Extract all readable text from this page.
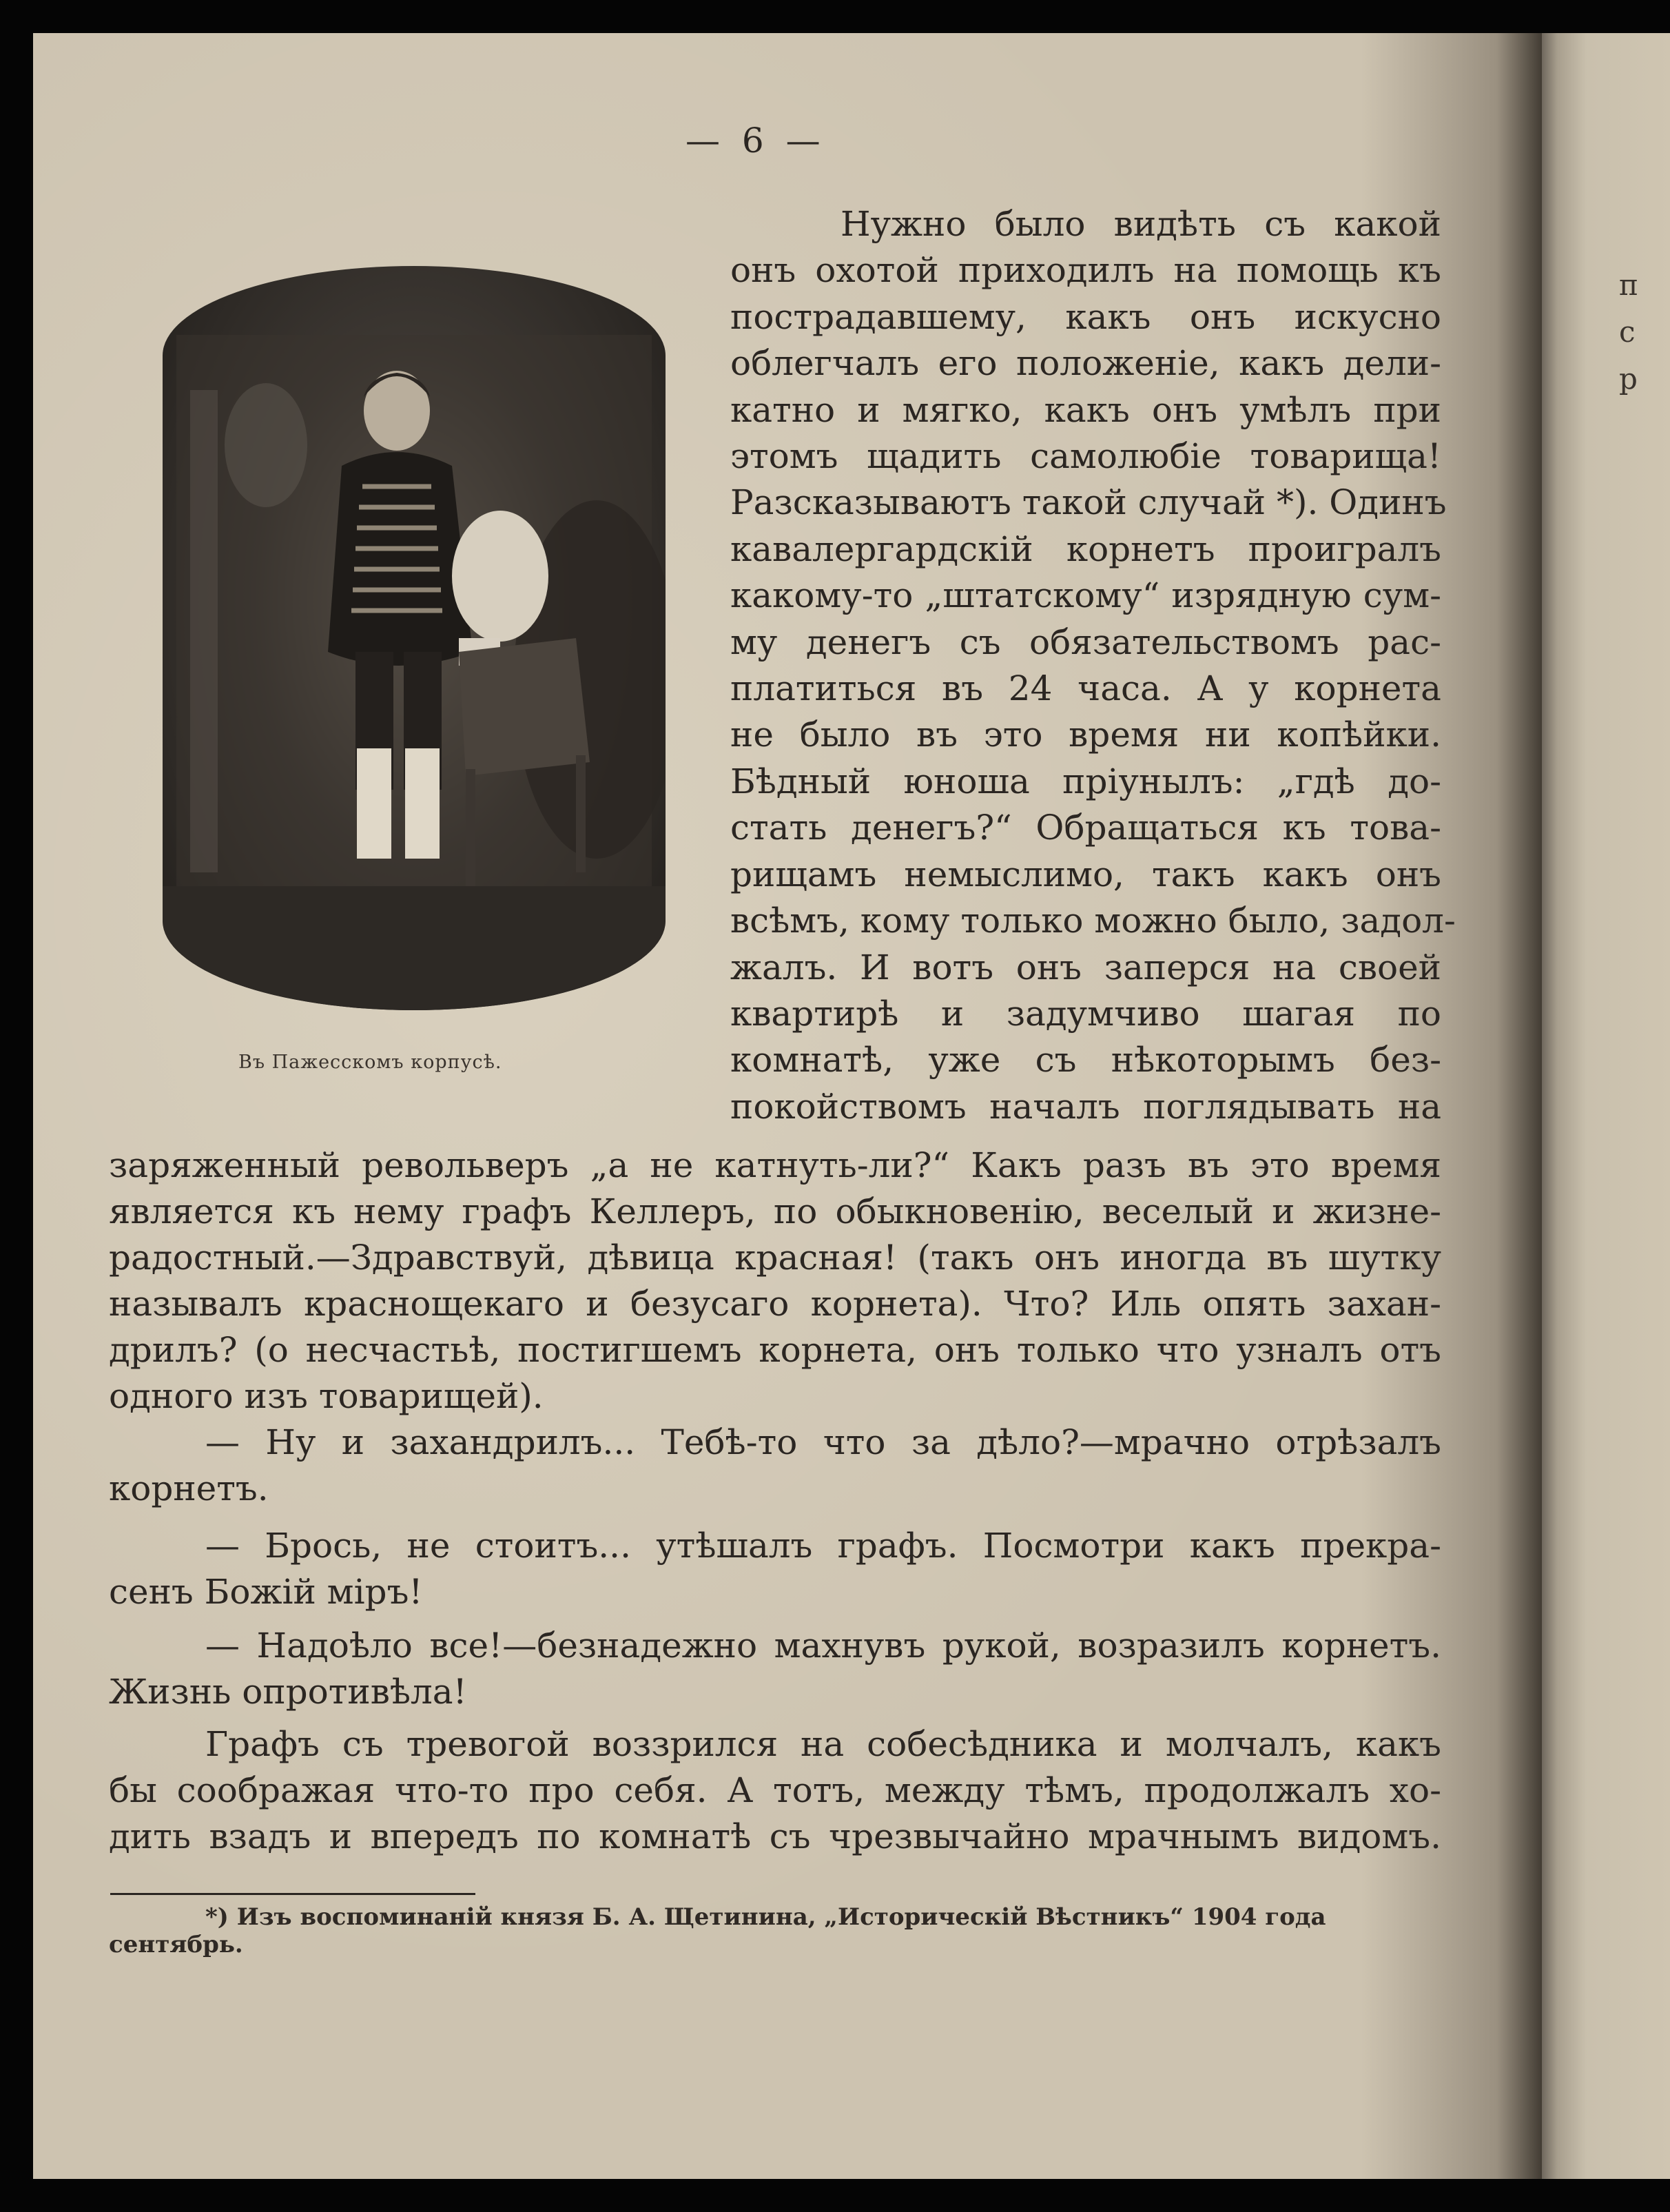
п
с
р
— 6 —
Въ Пажесскомъ корпусѣ.
Нужно было видѣть съ какой
онъ охотой приходилъ на помощь къ
пострадавшему, какъ онъ искусно
облегчалъ его положеніе, какъ дели-
катно и мягко, какъ онъ умѣлъ при
этомъ щадить самолюбіе товарища!
Разсказываютъ такой случай *). Одинъ
кавалергардскій корнетъ проигралъ
какому-то „штатскому“ изрядную сум-
му денегъ съ обязательствомъ рас-
платиться въ 24 часа. А у корнета
не было въ это время ни копѣйки.
Бѣдный юноша пріунылъ: „гдѣ до-
стать денегъ?“ Обращаться къ това-
рищамъ немыслимо, такъ какъ онъ
всѣмъ, кому только можно было, задол-
жалъ. И вотъ онъ заперся на своей
квартирѣ и задумчиво шагая по
комнатѣ, уже съ нѣкоторымъ без-
покойствомъ началъ поглядывать на
заряженный револьверъ „а не катнуть-ли?“ Какъ разъ въ это время
является къ нему графъ Келлеръ, по обыкновенію, веселый и жизне-
радостный.—Здравствуй, дѣвица красная! (такъ онъ иногда въ шутку
называлъ краснощекаго и безусаго корнета). Что? Иль опять захан-
дрилъ? (о несчастьѣ, постигшемъ корнета, онъ только что узналъ отъ
одного изъ товарищей).
— Ну и захандрилъ... Тебѣ-то что за дѣло?—мрачно отрѣзалъ
корнетъ.
— Брось, не стоитъ... утѣшалъ графъ. Посмотри какъ прекра-
сенъ Божій міръ!
— Надоѣло все!—безнадежно махнувъ рукой, возразилъ корнетъ.
Жизнь опротивѣла!
Графъ съ тревогой воззрился на собесѣдника и молчалъ, какъ
бы соображая что-то про себя. А тотъ, между тѣмъ, продолжалъ хо-
дить взадъ и впередъ по комнатѣ съ чрезвычайно мрачнымъ видомъ.
*) Изъ воспоминаній князя Б. А. Щетинина, „Историческій Вѣстникъ“ 1904 года
сентябрь.
